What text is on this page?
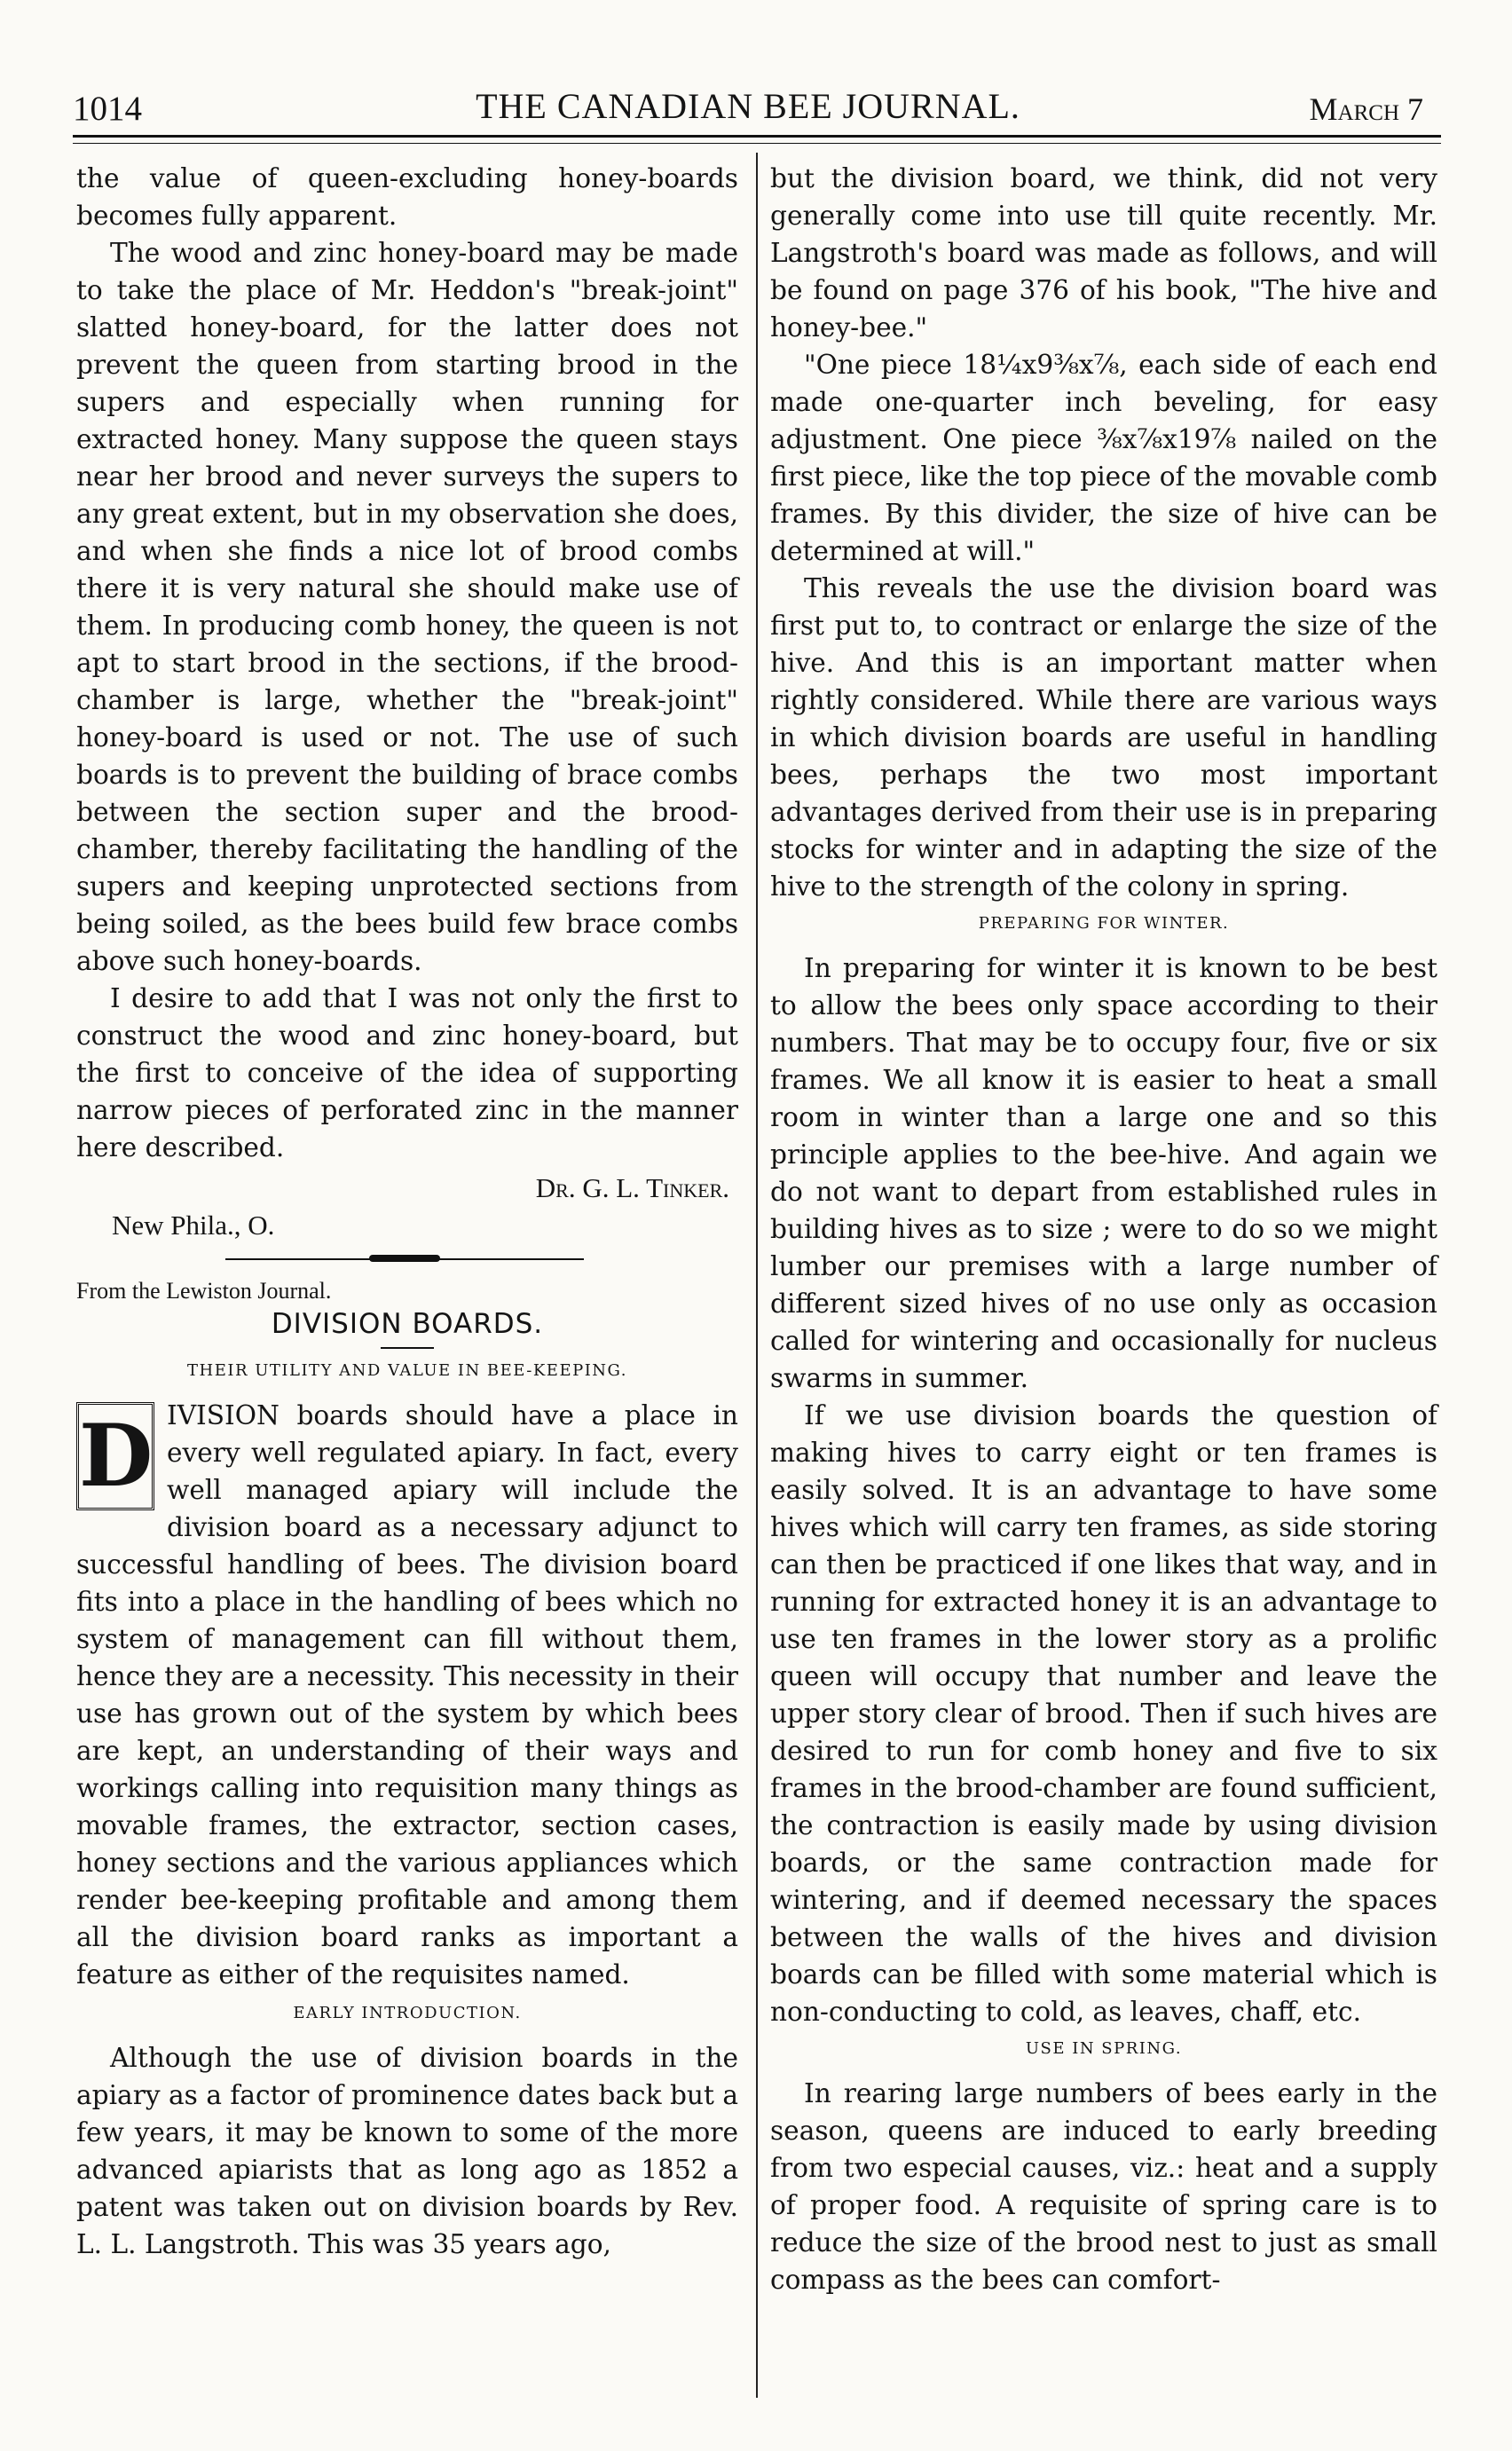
1014	THE CANADIAN BEE JOURNAL.	March 7

the value of queen-excluding honey-boards becomes fully apparent.

The wood and zinc honey-board may be made to take the place of Mr. Heddon's "break-joint" slatted honey-board, for the latter does not prevent the queen from starting brood in the supers and especially when running for extracted honey. Many suppose the queen stays near her brood and never surveys the supers to any great extent, but in my observation she does, and when she finds a nice lot of brood combs there it is very natural she should make use of them. In producing comb honey, the queen is not apt to start brood in the sections, if the brood-chamber is large, whether the "break-joint" honey-board is used or not. The use of such boards is to prevent the building of brace combs between the section super and the brood-chamber, thereby facilitating the handling of the supers and keeping unprotected sections from being soiled, as the bees build few brace combs above such honey-boards.

I desire to add that I was not only the first to construct the wood and zinc honey-board, but the first to conceive of the idea of supporting narrow pieces of perforated zinc in the manner here described.

Dr. G. L. Tinker.
New Phila., O.
From the Lewiston Journal.
DIVISION BOARDS.
THEIR UTILITY AND VALUE IN BEE-KEEPING.
D IVISION boards should have a place in every well regulated apiary. In fact, every well managed apiary will include the division board as a necessary adjunct to successful handling of bees. The division board fits into a place in the handling of bees which no system of management can fill without them, hence they are a necessity. This necessity in their use has grown out of the system by which bees are kept, an understanding of their ways and workings calling into requisition many things as movable frames, the extractor, section cases, honey sections and the various appliances which render bee-keeping profitable and among them all the division board ranks as important a feature as either of the requisites named.

EARLY INTRODUCTION.

Although the use of division boards in the apiary as a factor of prominence dates back but a few years, it may be known to some of the more advanced apiarists that as long ago as 1852 a patent was taken out on division boards by Rev. L. L. Langstroth. This was 35 years ago,

but the division board, we think, did not very generally come into use till quite recently. Mr. Langstroth's board was made as follows, and will be found on page 376 of his book, "The hive and honey-bee."

"One piece 18¼x9⅜x⅞, each side of each end made one-quarter inch beveling, for easy adjustment. One piece ⅜x⅞x19⅞ nailed on the first piece, like the top piece of the movable comb frames. By this divider, the size of hive can be determined at will."

This reveals the use the division board was first put to, to contract or enlarge the size of the hive. And this is an important matter when rightly considered. While there are various ways in which division boards are useful in handling bees, perhaps the two most important advantages derived from their use is in preparing stocks for winter and in adapting the size of the hive to the strength of the colony in spring.

PREPARING FOR WINTER.

In preparing for winter it is known to be best to allow the bees only space according to their numbers. That may be to occupy four, five or six frames. We all know it is easier to heat a small room in winter than a large one and so this principle applies to the bee-hive. And again we do not want to depart from established rules in building hives as to size ; were to do so we might lumber our premises with a large number of different sized hives of no use only as occasion called for wintering and occasionally for nucleus swarms in summer.

If we use division boards the question of making hives to carry eight or ten frames is easily solved. It is an advantage to have some hives which will carry ten frames, as side storing can then be practiced if one likes that way, and in running for extracted honey it is an advantage to use ten frames in the lower story as a prolific queen will occupy that number and leave the upper story clear of brood. Then if such hives are desired to run for comb honey and five to six frames in the brood-chamber are found sufficient, the contraction is easily made by using division boards, or the same contraction made for wintering, and if deemed necessary the spaces between the walls of the hives and division boards can be filled with some material which is non-conducting to cold, as leaves, chaff, etc.

USE IN SPRING.

In rearing large numbers of bees early in the season, queens are induced to early breeding from two especial causes, viz.: heat and a supply of proper food. A requisite of spring care is to reduce the size of the brood nest to just as small compass as the bees can comfort-
